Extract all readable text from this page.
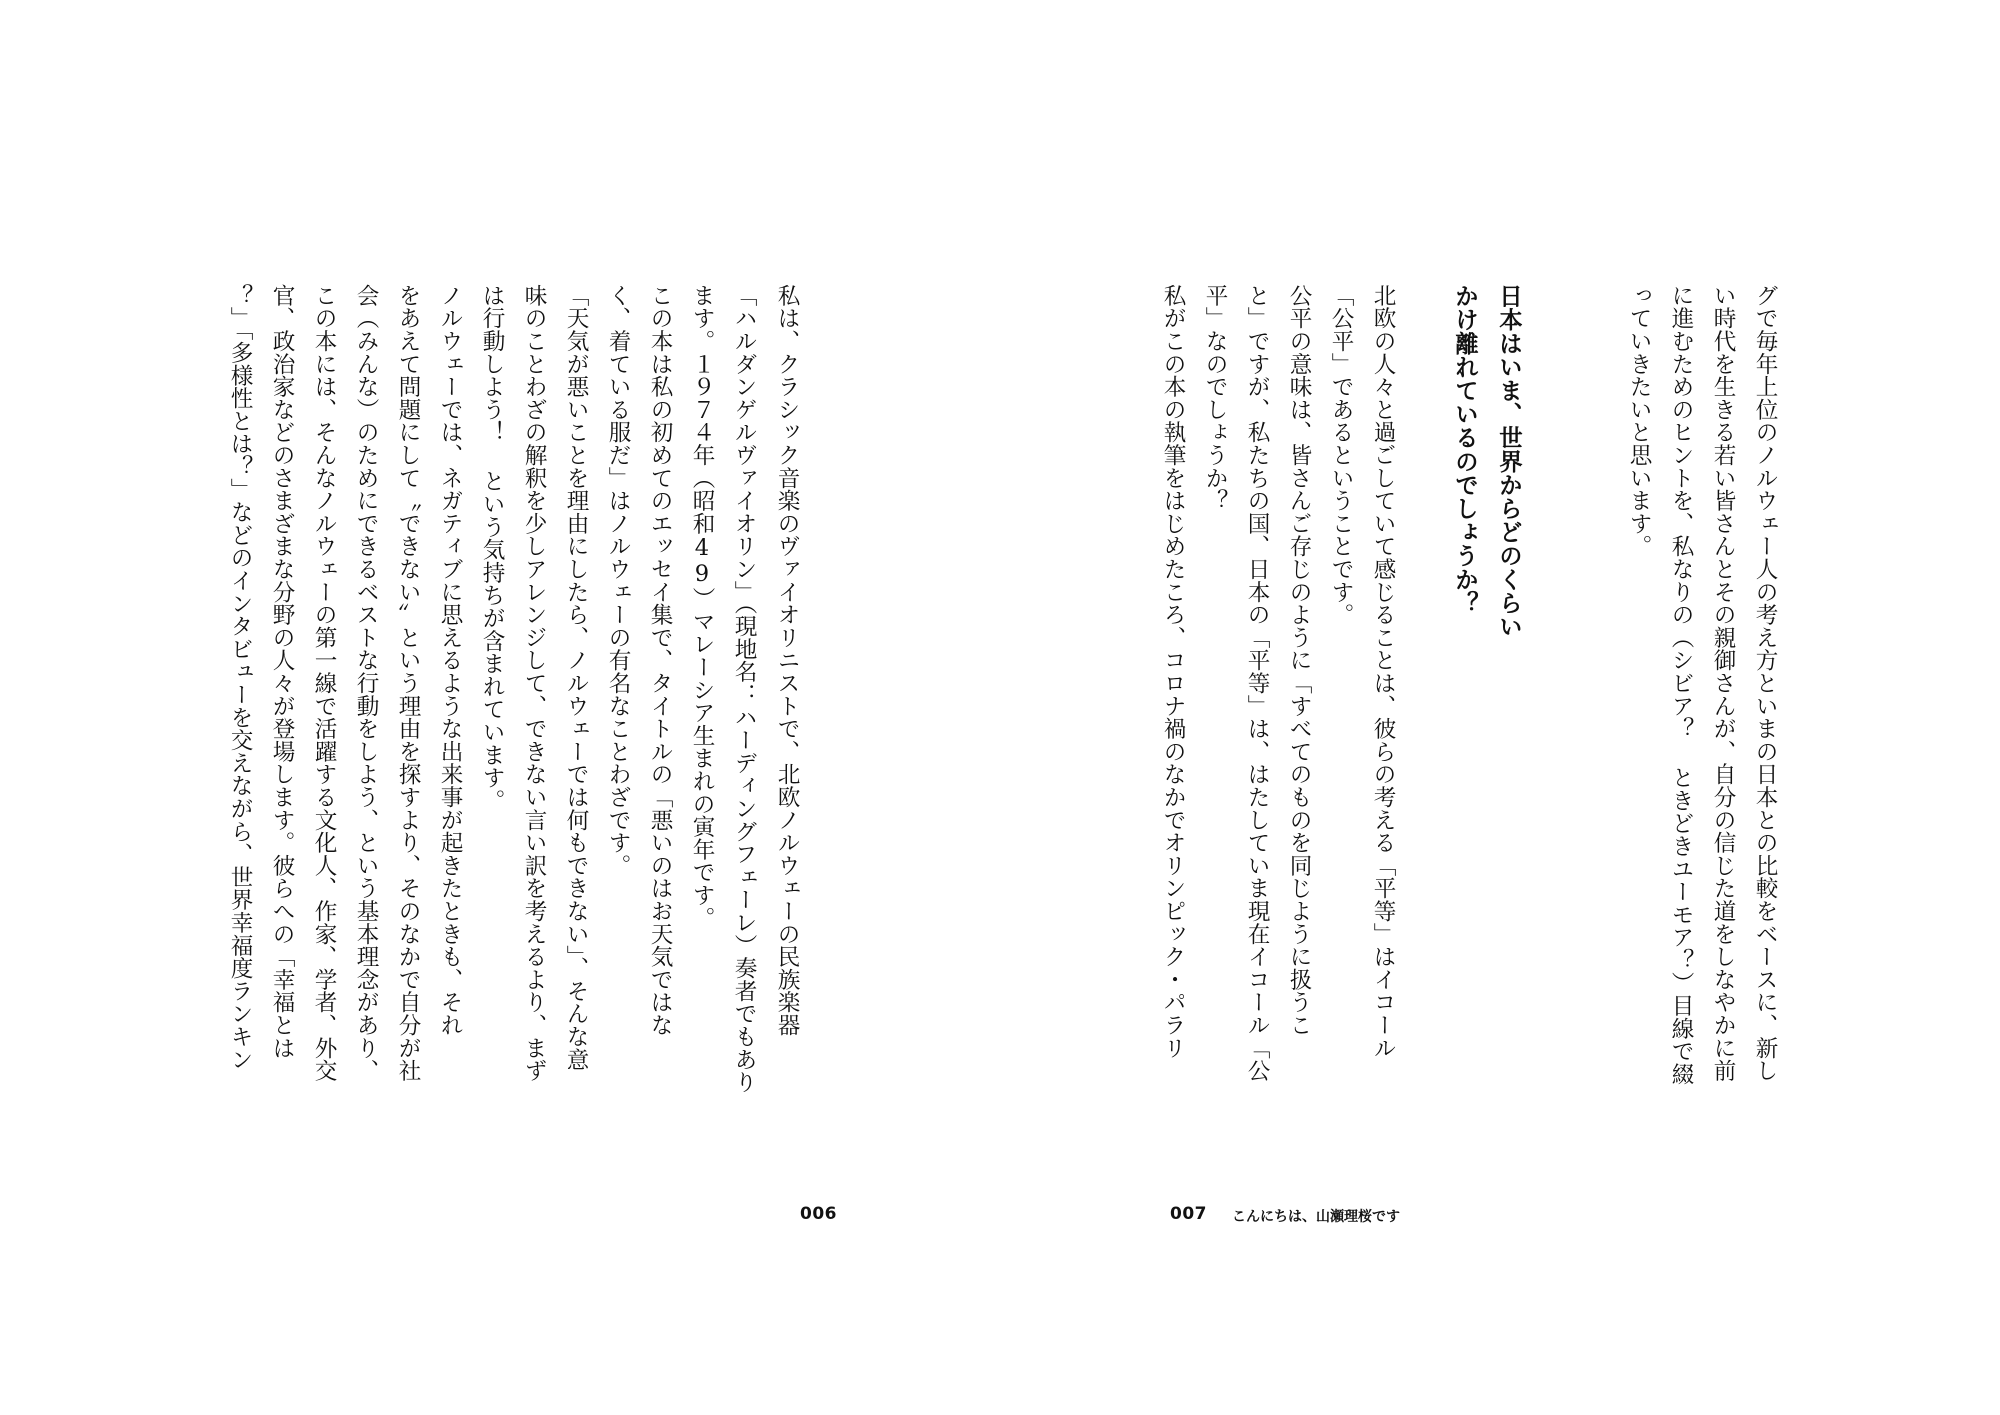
私は、クラシック音楽のヴァイオリニストで、北欧ノルウェーの民族楽器
「ハルダンゲルヴァイオリン」（現地名：ハーディングフェーレ）奏者でもあり
ます。１９７４年（昭和49）マレーシア生まれの寅年です。
この本は私の初めてのエッセイ集で、タイトルの「悪いのはお天気ではな
く、着ている服だ」はノルウェーの有名なことわざです。
「天気が悪いことを理由にしたら、ノルウェーでは何もできない」、そんな意
味のことわざの解釈を少しアレンジして、できない言い訳を考えるより、まず
は行動しよう！ という気持ちが含まれています。
ノルウェーでは、ネガティブに思えるような出来事が起きたときも、それ
をあえて問題にして〝できない〟という理由を探すより、そのなかで自分が社
会（みんな）のためにできるベストな行動をしよう、という基本理念があり、
この本には、そんなノルウェーの第一線で活躍する文化人、作家、学者、外交
官、政治家などのさまざまな分野の人々が登場します。彼らへの「幸福とは
？」「多様性とは？」などのインタビューを交えながら、世界幸福度ランキン
006
グで毎年上位のノルウェー人の考え方といまの日本との比較をベースに、新し
い時代を生きる若い皆さんとその親御さんが、自分の信じた道をしなやかに前
に進むためのヒントを、私なりの（シビア？ ときどきユーモア？）目線で綴
っていきたいと思います。
日本はいま、世界からどのくらい
かけ離れているのでしょうか？
北欧の人々と過ごしていて感じることは、彼らの考える「平等」はイコール
「公平」であるということです。
公平の意味は、皆さんご存じのように「すべてのものを同じように扱うこ
と」ですが、私たちの国、日本の「平等」は、はたしていま現在イコール「公
平」なのでしょうか？
私がこの本の執筆をはじめたころ、コロナ禍のなかでオリンピック・パラリ
007 こんにちは、山瀬理桜です
